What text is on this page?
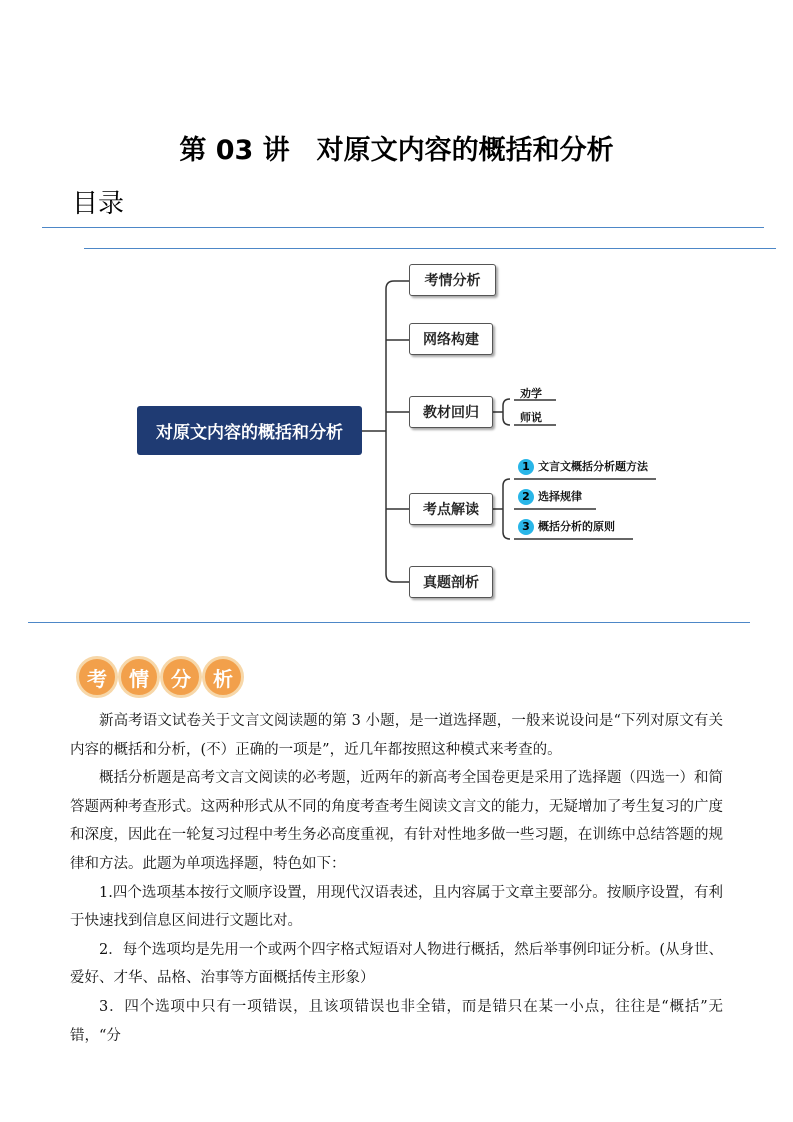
第 03 讲　对原文内容的概括和分析
目录
对原文内容的概括和分析
考情分析
网络构建
教材回归
考点解读
真题剖析
劝学
师说
1 文言文概括分析题方法
2 选择规律
3 概括分析的原则
考	情	分	析

新高考语文试卷关于文言文阅读题的第 3 小题，是一道选择题，一般来说设问是“下列对原文有关内容的概括和分析，(不）正确的一项是”，近几年都按照这种模式来考查的。

概括分析题是高考文言文阅读的必考题，近两年的新高考全国卷更是采用了选择题（四选一）和简答题两种考查形式。这两种形式从不同的角度考查考生阅读文言文的能力，无疑增加了考生复习的广度和深度，因此在一轮复习过程中考生务必高度重视，有针对性地多做一些习题，在训练中总结答题的规律和方法。此题为单项选择题，特色如下：

1.四个选项基本按行文顺序设置，用现代汉语表述，且内容属于文章主要部分。按顺序设置，有利于快速找到信息区间进行文题比对。

2．每个选项均是先用一个或两个四字格式短语对人物进行概括，然后举事例印证分析。(从身世、爱好、才华、品格、治事等方面概括传主形象）

3．四个选项中只有一项错误，且该项错误也非全错，而是错只在某一小点，往往是“概括”无错，“分
